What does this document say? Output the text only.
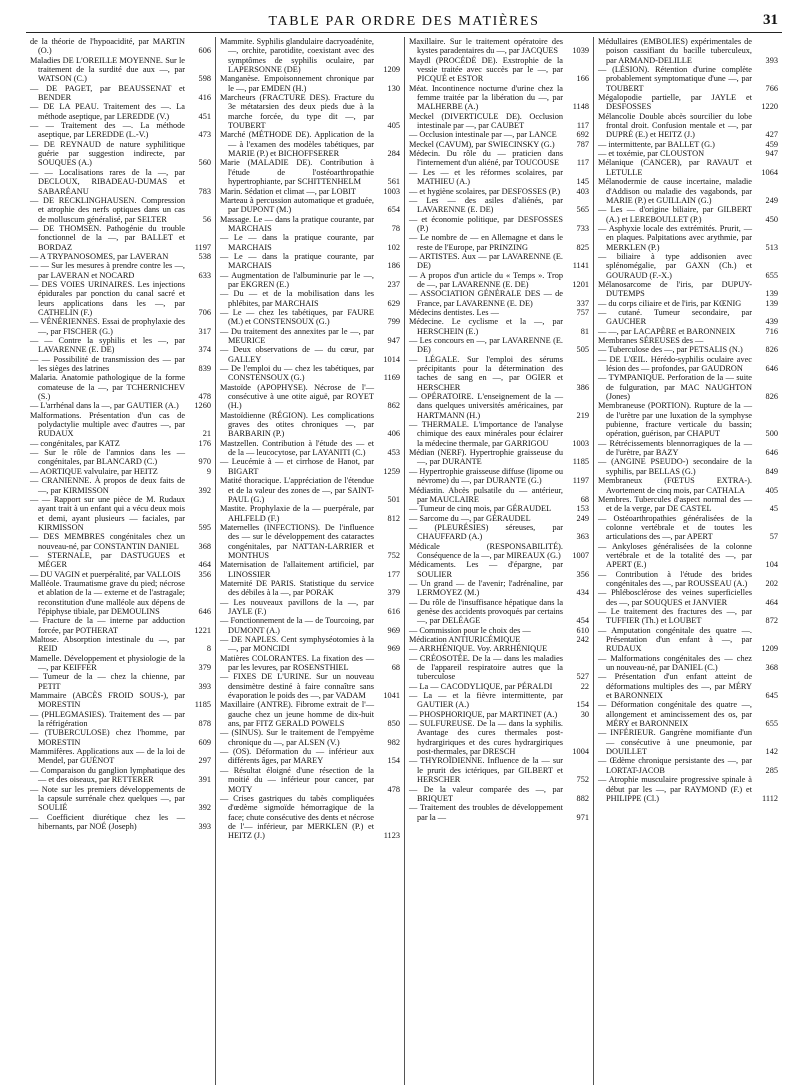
TABLE PAR ORDRE DES MATIÈRES	31
de la théorie de l'hypoacidité, par MARTIN (O.)	606
Maladies DE L'OREILLE MOYENNE. Sur le traitement de la surdité due aux —, par WATSON (C.)	598
— DE PAGET, par BEAUSSENAT et BENDER	416
— DE LA PEAU. Traitement des —. La méthode aseptique, par LEREDDE (V.)	451
— — Traitement des —. La méthode aseptique, par LEREDDE (L.-V.)	473
— DE REYNAUD de nature syphilitique guérie par suggestion indirecte, par SOUQUES (A.)	560
— — Localisations rares de la —, par DECLOUX, RIBADEAU-DUMAS et SABARÉANU	783
— DE RECKLINGHAUSEN. Compression et atrophie des nerfs optiques dans un cas de molluscum généralisé, par SELTER	56
— DE THOMSEN. Pathogénie du trouble fonctionnel de la —, par BALLET et BORDAZ	1197
— A TRYPANOSOMES, par LAVERAN	538
— — Sur les mesures à prendre contre les —, par LAVERAN et NOCARD	633
— DES VOIES URINAIRES. Les injections épidurales par ponction du canal sacré et leurs applications dans les —, par CATHELIN (F.)	706
— VÉNÉRIENNES. Essai de prophylaxie des —, par FISCHER (G.)	317
— — Contre la syphilis et les —, par LAVARENNE (E. DE)	374
— — Possibilité de transmission des — par les sièges des latrines	839
Malaria. Anatomie pathologique de la forme comateuse de la —, par TCHERNICHEV (S.)	478
— L'arrhénal dans la —, par GAUTIER (A.)	1260
Malformations. Présentation d'un cas de polydactylie multiple avec d'autres —, par RUDAUX	21
— congénitales, par KATZ	176
— Sur le rôle de l'amnios dans les — congénitales, par BLANCARD (C.)	970
— AORTIQUE valvulaire, par HEITZ	9
— CRANIENNE. À propos de deux faits de —, par KIRMISSON	392
— — Rapport sur une pièce de M. Rudaux ayant trait à un enfant qui a vécu deux mois et demi, ayant plusieurs — faciales, par KIRMISSON	595
— DES MEMBRES congénitales chez un nouveau-né, par CONSTANTIN DANIEL	368
— STERNALE, par DASTUGUES et MÉGER	464
— DU VAGIN et puerpéralité, par VALLOIS	356
Malléole. Traumatisme grave du pied; nécrose et ablation de la — externe et de l'astragale; reconstitution d'une malléole aux dépens de l'épiphyse tibiale, par DEMOULINS	646
— Fracture de la — interne par adduction forcée, par POTHERAT	1221
Maltose. Absorption intestinale du —, par REID	8
Mamelle. Développement et physiologie de la —, par KEIFFER	379
— Tumeur de la — chez la chienne, par PETIT	393
Mammaire (ABCÈS FROID SOUS-), par MORESTIN	1185
— (PHLEGMASIES). Traitement des — par la réfrigération	878
— (TUBERCULOSE) chez l'homme, par MORESTIN	609
Mammifères. Applications aux — de la loi de Mendel, par GUÉNOT	297
— Comparaison du ganglion lymphatique des — et des oiseaux, par RETTERER	391
— Note sur les premiers développements de la capsule surrénale chez quelques —, par SOULIÉ	392
— Coefficient diurétique chez les — hibernants, par NOÉ (Joseph)	393
Mammite. Syphilis glandulaire dacryoadénite, —, orchite, parotidite, coexistant avec des symptômes de syphilis oculaire, par LAPERSONNE (DE)	1209
Manganèse. Empoisonnement chronique par le —, par EMDEN (H.)	130
Marcheurs (FRACTURE DES). Fracture du 3e métatarsien des deux pieds due à la marche forcée, du type dit —, par TOUBERT	405
Marché (MÉTHODE DE). Application de la — à l'examen des modèles tabétiques, par MARIE (P.) et BICHOFFSERER	284
Marie (MALADIE DE). Contribution à l'étude de l'ostéoarthropathie hypertrophiante, par SCHITTENHELM	561
Marin. Sédation et climat —, par LOBIT	1003
Marteau à percussion automatique et graduée, par DUPONT (M.)	654
Massage. Le — dans la pratique courante, par MARCHAIS	78
— Le — dans la pratique courante, par MARCHAIS	102
— Le — dans la pratique courante, par MARCHAIS	186
— Augmentation de l'albuminurie par le —, par EKGREN (E.)	237
— Du — et de la mobilisation dans les phlébites, par MARCHAIS	629
— Le — chez les tabétiques, par FAURE (M.) et CONSTENSOUX (G.)	799
— Du traitement des annexites par le —, par MEURICE	947
— Deux observations de — du cœur, par GALLEY	1014
— De l'emploi du — chez les tabétiques, par CONSTENSOUX (G.)	1169
Mastoïde (APOPHYSE). Nécrose de l'— consécutive à une otite aiguë, par ROYET (H.)	862
Mastoïdienne (RÉGION). Les complications graves des otites chroniques —, par BARBARIN (P.)	406
Mastzellen. Contribution à l'étude des — et de la — leucocytose, par LAYANITI (C.)	453
— Leucémie à — et cirrhose de Hanot, par BIGART	1259
Matité thoracique. L'appréciation de l'étendue et de la valeur des zones de —, par SAINT-PAUL (G.)	501
Mastite. Prophylaxie de la — puerpérale, par AHLFELD (F.)	812
Maternelles (INFECTIONS). De l'influence des — sur le développement des cataractes congénitales, par NATTAN-LARRIER et MONTHUS	752
Maternisation de l'allaitement artificiel, par LINOSSIER	177
Maternité DE PARIS. Statistique du service des débiles à la —, par PORAK	379
— Les nouveaux pavillons de la —, par JAYLE (F.)	616
— Fonctionnement de la — de Tourcoing, par DUMONT (A.)	969
— DE NAPLES. Cent symphyséotomies à la —, par MONCIDI	969
Matières COLORANTES. La fixation des — par les levures, par ROSENSTHIEL	68
— FIXES DE L'URINE. Sur un nouveau densimètre destiné à faire connaître sans évaporation le poids des —, par VADAM	1041
Maxillaire (ANTRE). Fibrome extrait de l'— gauche chez un jeune homme de dix-huit ans, par FITZ GERALD POWELS	850
— (SINUS). Sur le traitement de l'empyème chronique du —, par ALSEN (V.)	982
— (OS). Déformation du — inférieur aux différents âges, par MAREY	154
— Résultat éloigné d'une résection de la moitié du — inférieur pour cancer, par MOTY	478
— Crises gastriques du tabès compliquées d'œdème sigmoïde hémorragique de la face; chute consécutive des dents et nécrose de l'— inférieur, par MERKLEN (P.) et HEITZ (J.)	1123
Maxillaire. Sur le traitement opératoire des kystes paradentaires du —, par JACQUES	1039
Maydl (PROCÉDÉ DE). Exstrophie de la vessie traitée avec succès par le —, par PICQUÉ et ESTOR	166
Méat. Incontinence nocturne d'urine chez la femme traitée par la libération du —, par MALHERBE (A.)	1148
Meckel (DIVERTICULE DE). Occlusion intestinale par —, par CAUBET	117
— Occlusion intestinale par —, par LANCE	692
Meckel (CAVUM), par SWIECINSKY (G.)	787
Médecin. Du rôle du — praticien dans l'internement d'un aliéné, par TOUCOUSE	117
— Les — et les réformes scolaires, par MATHIEU (A.)	145
— et hygiène scolaires, par DESFOSSES (P.)	403
— Les — des asiles d'aliénés, par LAVARENNE (E. DE)	565
— et économie politique, par DESFOSSES (P.)	733
— Le nombre de — en Allemagne et dans le reste de l'Europe, par PRINZING	825
— ARTISTES. Aux — par LAVARENNE (E. DE)	1141
— A propos d'un article du « Temps ». Trop de —, par LAVARENNE (E. DE)	1201
— ASSOCIATION GÉNÉRALE DES — de France, par LAVARENNE (E. DE)	337
Médecins dentistes. Les —	757
Médecine. Le cyclisme et la —, par HERSCHEIN (E.)	81
— Les concours en —, par LAVARENNE (E. DE)	505
— LÉGALE. Sur l'emploi des sérums précipitants pour la détermination des taches de sang en —, par OGIER et HERSCHER	386
— OPÉRATOIRE. L'enseignement de la — dans quelques universités américaines, par HARTMANN (H.)	219
— THERMALE. L'importance de l'analyse chimique des eaux minérales pour éclairer la médecine thermale, par GARRIGOU	1003
Médian (NERF). Hypertrophie graisseuse du —, par DURANTE	1185
— Hypertrophie graisseuse diffuse (lipome ou névrome) du —, par DURANTE (G.)	1197
Médiastin. Abcès pulsatile du — antérieur, par MAUCLAIRE	68
— Tumeur de cinq mois, par GÉRAUDEL	153
— Sarcome du —, par GÉRAUDEL	249
— (PLEURÉSIES) séreuses, par CHAUFFARD (A.)	363
Médicale (RESPONSABILITÉ). Conséquence de la —, par MIREAUX (G.) 1007
Médicaments. Les — d'épargne, par SOULIER	356
— Un grand — de l'avenir; l'adrénaline, par LERMOYEZ (M.)	434
— Du rôle de l'insuffisance hépatique dans la genèse des accidents provoqués par certains —, par DELÉAGE	454
— Commission pour le choix des —	610
Médication ANTIURICÉMIQUE	242
— ARRHÉNIQUE. Voy. ARRHÉNIQUE
— CRÉOSOTÉE. De la — dans les maladies de l'appareil respiratoire autres que la tuberculose	527
— La — CACODYLIQUE, par PÉRALDI	22
— La — et la fièvre intermittente, par GAUTIER (A.)	154
— PHOSPHORIQUE, par MARTINET (A.)	30
— SULFUREUSE. De la — dans la syphilis. Avantage des cures thermales post-hydrargiriques et des cures hydrargiriques post-thermales, par DRESCH	1004
— THYROÏDIENNE. Influence de la — sur le prurit des ictériques, par GILBERT et HERSCHER	752
— De la valeur comparée des —, par BRIQUET	882
— Traitement des troubles de développement par la —	971
Médullaires (EMBOLIES) expérimentales de poison cassifiant du bacille tuberculeux, par ARMAND-DELILLE	393
— (LÉSION). Rétention d'urine complète probablement symptomatique d'une —, par TOUBERT	766
Mégalopodie partielle, par JAYLE et DESFOSSES	1220
Mélancolie Double abcès sourcilier du lobe frontal droit. Confusion mentale et —, par DUPRÉ (E.) et HEITZ (J.)	427
— intermittente, par BALLET (G.)	459
— et toxémie, par CLOUSTON	947
Mélanique (CANCER), par RAVAUT et LETULLE	1064
Mélanodermie de cause incertaine, maladie d'Addison ou maladie des vagabonds, par MARIE (P.) et GUILLAIN (G.)	249
— Les — d'origine biliaire, par GILBERT (A.) et LEREBOULLET (P.)	450
— Asphyxie locale des extrémités. Prurit, — en plaques. Palpitations avec arythmie, par MERKLEN (P.)	513
— biliaire à type addisonien avec splénomégalie, par GAXN (Ch.) et GOURAUD (F.-X.)	655
Mélanosarcome de l'iris, par DUPUY-DUTEMPS	139
— du corps ciliaire et de l'iris, par KŒNIG	139
— cutané. Tumeur secondaire, par GAUCHER	439
— —, par LACAPÈRE et BARONNEIX	716
Membranes SÉREUSES des —
— Tuberculose des —, par PETSALIS (N.)	826
— DE L'ŒIL. Hérédo-syphilis oculaire avec lésion des — profondes, par GAUDRON	646
— TYMPANIQUE. Perforation de la — suite de fulguration, par MAC NAUGHTON (Jones)	826
Membraneuse (PORTION). Rupture de la — de l'urètre par une luxation de la symphyse pubienne, fracture verticale du bassin; opération, guérison, par CHAPUT	500
— Rétrécissements blennorragiques de la — de l'urètre, par BAZY	646
— (ANGINE PSEUDO-) secondaire de la syphilis, par BELLAS (G.)	849
Membraneux (FŒTUS EXTRA-). Avortement de cinq mois, par CATHALA	405
Membres. Tubercules d'aspect normal des — et de la verge, par DE CASTEL	45
— Ostéoarthropathies généralisées de la colonne vertébrale et de toutes les articulations des —, par APERT	57
— Ankyloses généralisées de la colonne vertébrale et de la totalité des —, par APERT (E.)	104
— Contribution à l'étude des brides congénitales des —, par ROUSSEAU (A.)	202
— Phlébosclérose des veines superficielles des —, par SOUQUES et JANVIER	464
— Le traitement des fractures des —, par TUFFIER (Th.) et LOUBET	872
— Amputation congénitale des quatre —. Présentation d'un enfant à —, par RUDAUX	1209
— Malformations congénitales des — chez un nouveau-né, par DANIEL (C.)	368
— Présentation d'un enfant atteint de déformations multiples des —, par MÉRY et BARONNEIX	645
— Déformation congénitale des quatre —, allongement et amincissement des os, par MÉRY et BARONNEIX	655
— INFÉRIEUR. Gangrène momifiante d'un — consécutive à une pneumonie, par DOUILLET	142
— Œdème chronique persistante des —, par LORTAT-JACOB	285
— Atrophie musculaire progressive spinale à début par les —, par RAYMOND (F.) et PHILIPPE (Cl.)	1112
